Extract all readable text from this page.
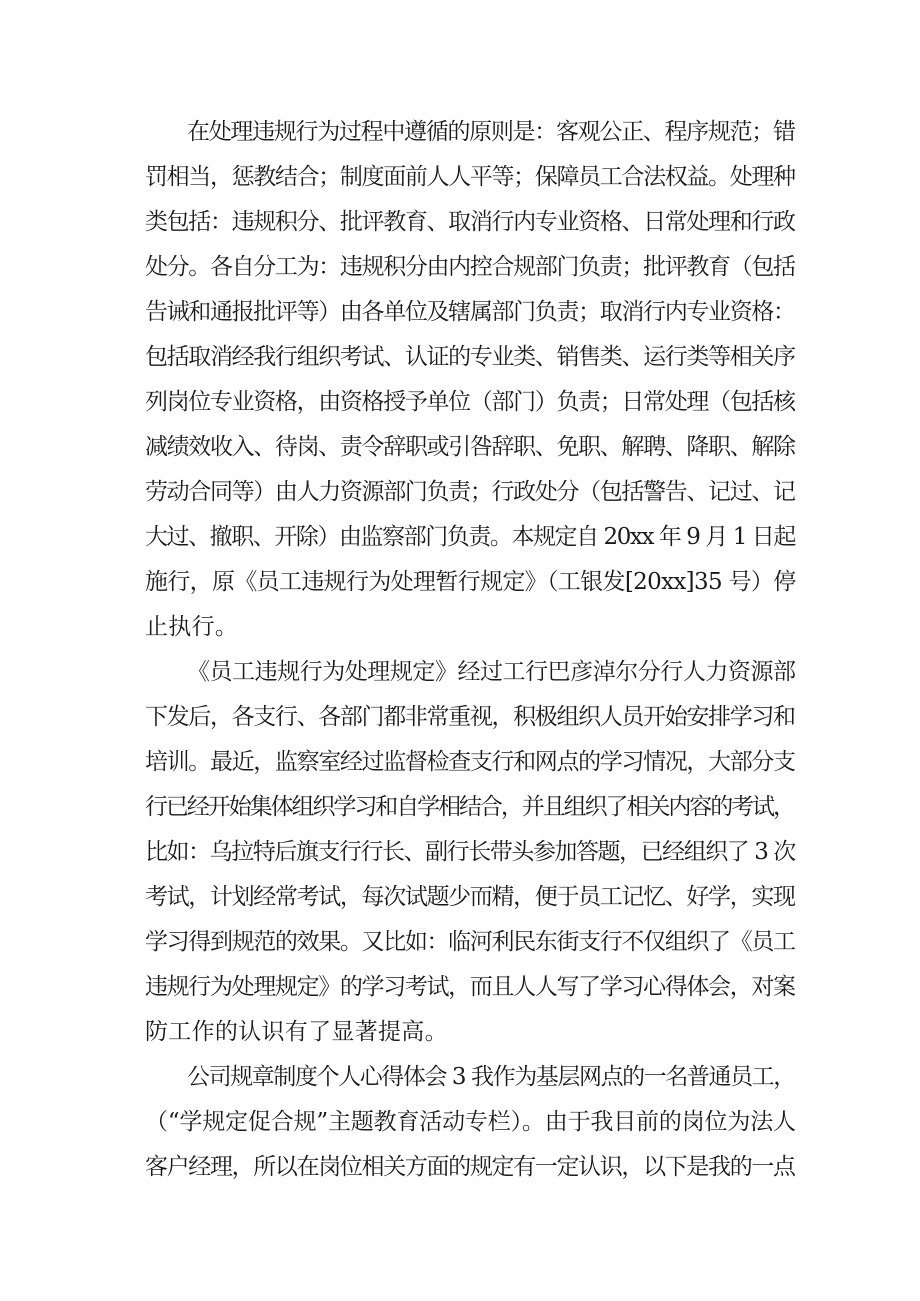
在处理违规行为过程中遵循的原则是：客观公正、程序规范；错
罚相当，惩教结合；制度面前人人平等；保障员工合法权益。处理种
类包括：违规积分、批评教育、取消行内专业资格、日常处理和行政
处分。各自分工为：违规积分由内控合规部门负责；批评教育（包括
告诫和通报批评等）由各单位及辖属部门负责；取消行内专业资格：
包括取消经我行组织考试、认证的专业类、销售类、运行类等相关序
列岗位专业资格，由资格授予单位（部门）负责；日常处理（包括核
减绩效收入、待岗、责令辞职或引咎辞职、免职、解聘、降职、解除
劳动合同等）由人力资源部门负责；行政处分（包括警告、记过、记
大过、撤职、开除）由监察部门负责。本规定自 20xx 年 9 月 1 日起
施行，原《员工违规行为处理暂行规定》（工银发[20xx]35 号）停
止执行。
《员工违规行为处理规定》经过工行巴彦淖尔分行人力资源部
下发后，各支行、各部门都非常重视，积极组织人员开始安排学习和
培训。最近，监察室经过监督检查支行和网点的学习情况，大部分支
行已经开始集体组织学习和自学相结合，并且组织了相关内容的考试，
比如：乌拉特后旗支行行长、副行长带头参加答题，已经组织了 3 次
考试，计划经常考试，每次试题少而精，便于员工记忆、好学，实现
学习得到规范的效果。又比如：临河利民东街支行不仅组织了《员工
违规行为处理规定》的学习考试，而且人人写了学习心得体会，对案
防工作的认识有了显著提高。
公司规章制度个人心得体会 3 我作为基层网点的一名普通员工，
（“学规定促合规”主题教育活动专栏）。由于我目前的岗位为法人
客户经理，所以在岗位相关方面的规定有一定认识，以下是我的一点
